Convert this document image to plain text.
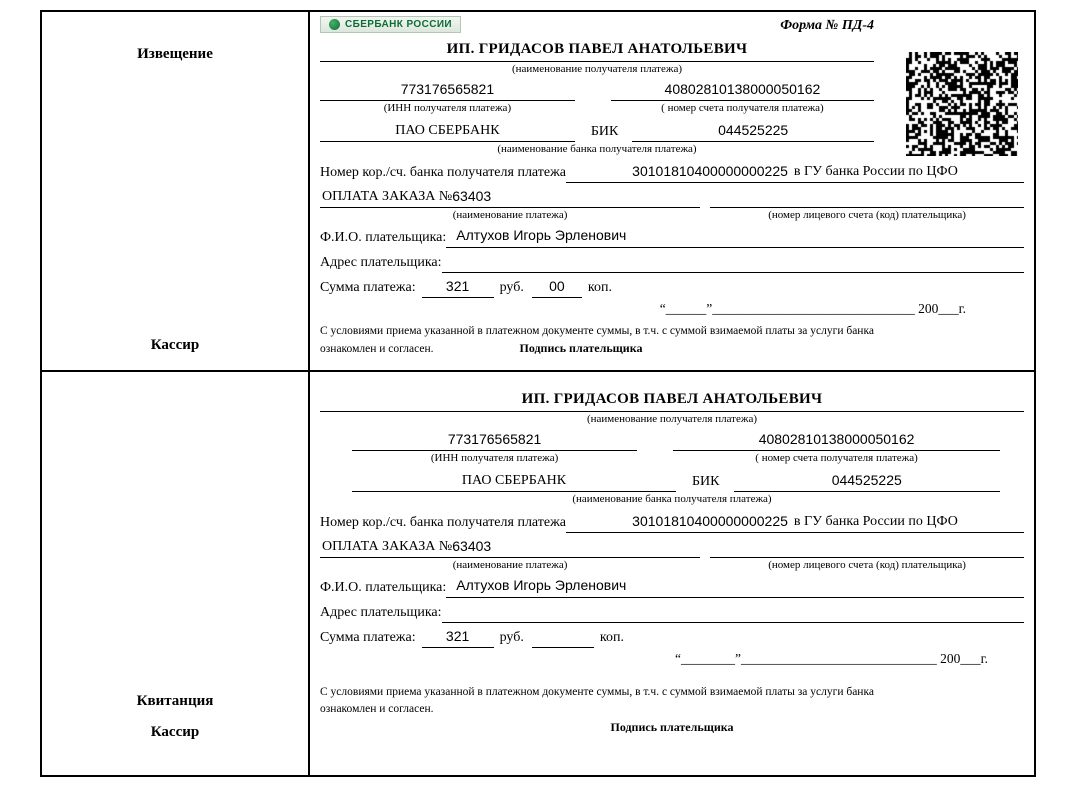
Извещение
Кассир
СБЕРБАНК РОССИИ	Форма № ПД-4
ИП. ГРИДАСОВ ПАВЕЛ АНАТОЛЬЕВИЧ
(наименование получателя платежа)
773176565821	40802810138000050162
(ИНН получателя платежа)	( номер счета получателя платежа)
ПАО СБЕРБАНК	БИК	044525225
(наименование банка получателя платежа)
Номер кор./сч. банка получателя платежа	30101810400000000225 в ГУ банка России по ЦФО
ОПЛАТА ЗАКАЗА № 63403
(наименование платежа)	(номер лицевого счета (код) плательщика)
Ф.И.О. плательщика: Алтухов Игорь Эрленович
Адрес плательщика:
Сумма платежа:	321	руб.	00	коп.
“______”______________________________ 200___г.
С условиями приема указанной в платежном документе суммы, в т.ч. с суммой взимаемой платы за услуги банка
ознакомлен и согласен.	Подпись плательщика
Квитанция
Кассир
ИП. ГРИДАСОВ ПАВЕЛ АНАТОЛЬЕВИЧ
(наименование получателя платежа)
773176565821	40802810138000050162
(ИНН получателя платежа)	( номер счета получателя платежа)
ПАО СБЕРБАНК	БИК	044525225
(наименование банка получателя платежа)
Номер кор./сч. банка получателя платежа	30101810400000000225 в ГУ банка России по ЦФО
ОПЛАТА ЗАКАЗА № 63403
(наименование платежа)	(номер лицевого счета (код) плательщика)
Ф.И.О. плательщика: Алтухов Игорь Эрленович
Адрес плательщика:
Сумма платежа:	321	руб.	коп.
“________”_____________________________ 200___г.
С условиями приема указанной в платежном документе суммы, в т.ч. с суммой взимаемой платы за услуги банка
ознакомлен и согласен.
Подпись плательщика
